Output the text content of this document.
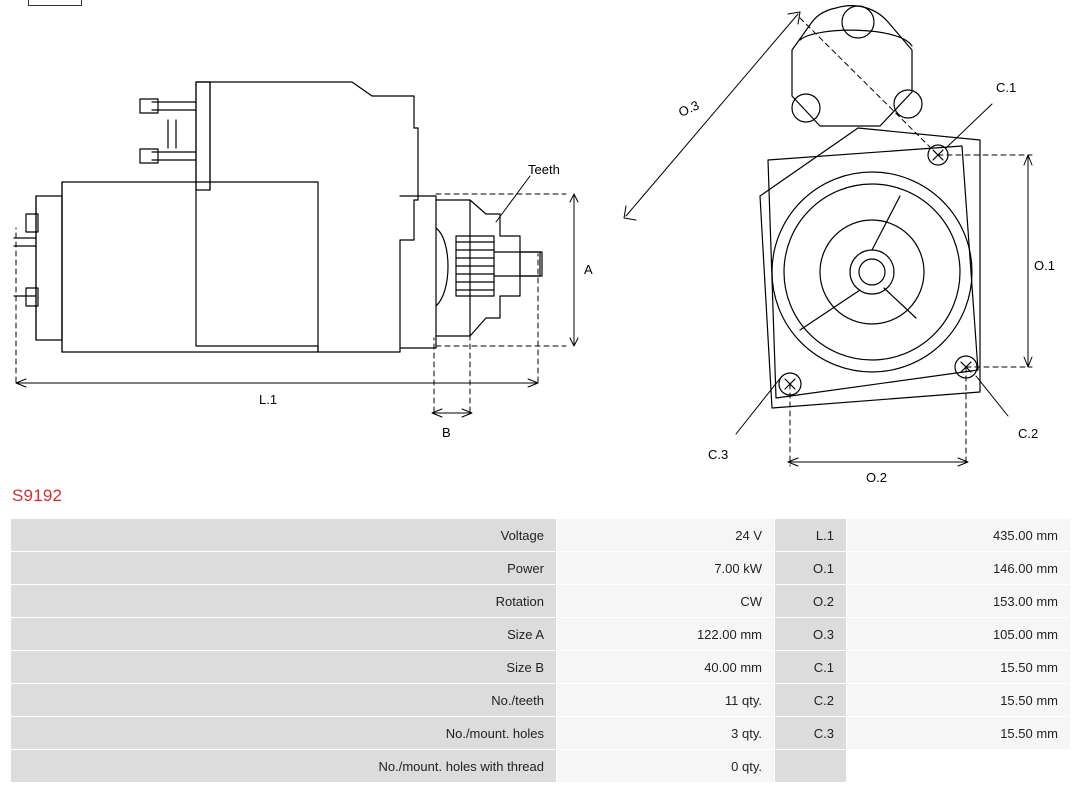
Teeth
A
B
L.1
O.1
O.2
O.3
C.1
C.2
C.3
S9192
Voltage	24 V	L.1	435.00 mm
Power	7.00 kW	O.1	146.00 mm
Rotation	CW	O.2	153.00 mm
Size A	122.00 mm	O.3	105.00 mm
Size B	40.00 mm	C.1	15.50 mm
No./teeth	11 qty.	C.2	15.50 mm
No./mount. holes	3 qty.	C.3	15.50 mm
No./mount. holes with thread	0 qty.		
